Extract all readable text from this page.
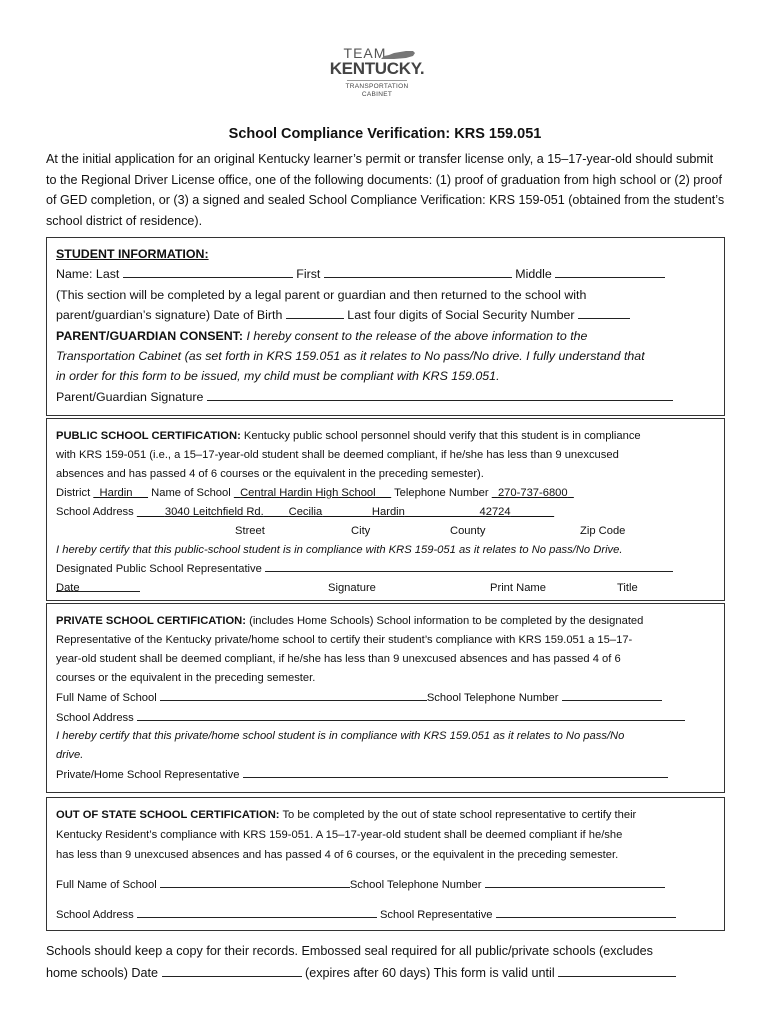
TEAM
KENTUCKY.
TRANSPORTATION
CABINET
School Compliance Verification: KRS 159.051
At the initial application for an original Kentucky learner’s permit or transfer license only, a 15–17-year-old should submit to the Regional Driver License office, one of the following documents: (1) proof of graduation from high school or (2) proof of GED completion, or (3) a signed and sealed School Compliance Verification: KRS 159-051 (obtained from the student’s school district of residence).
STUDENT INFORMATION:
Name: Last	First	Middle
(This section will be completed by a legal parent or guardian and then returned to the school with
parent/guardian’s signature) Date of Birth	Last four digits of Social Security Number
PARENT/GUARDIAN CONSENT: I hereby consent to the release of the above information to the
Transportation Cabinet (as set forth in KRS 159.051 as it relates to No pass/No drive. I fully understand that
in order for this form to be issued, my child must be compliant with KRS 159.051.
Parent/Guardian Signature
PUBLIC SCHOOL CERTIFICATION: Kentucky public school personnel should verify that this student is in compliance
with KRS 159-051 (i.e., a 15–17-year-old student shall be deemed compliant, if he/she has less than 9 unexcused
absences and has passed 4 of 6 courses or the equivalent in the preceding semester).
District Hardin Name of School Central Hardin High School Telephone Number 270-737-6800
School Address	3040 Leitchfield Rd. Cecilia	Hardin	42724
Street	City	County	Zip Code
I hereby certify that this public-school student is in compliance with KRS 159-051 as it relates to No pass/No Drive.
Designated Public School Representative
Date	Signature	Print Name	Title
PRIVATE SCHOOL CERTIFICATION: (includes Home Schools) School information to be completed by the designated
Representative of the Kentucky private/home school to certify their student’s compliance with KRS 159.051 a 15–17-
year-old student shall be deemed compliant, if he/she has less than 9 unexcused absences and has passed 4 of 6
courses or the equivalent in the preceding semester.
Full Name of School	School Telephone Number
School Address
I hereby certify that this private/home school student is in compliance with KRS 159.051 as it relates to No pass/No
drive.
Private/Home School Representative
OUT OF STATE SCHOOL CERTIFICATION: To be completed by the out of state school representative to certify their
Kentucky Resident’s compliance with KRS 159-051. A 15–17-year-old student shall be deemed compliant if he/she
has less than 9 unexcused absences and has passed 4 of 6 courses, or the equivalent in the preceding semester.
Full Name of School	School Telephone Number
School Address	School Representative
Schools should keep a copy for their records. Embossed seal required for all public/private schools (excludes
home schools) Date	(expires after 60 days) This form is valid until
